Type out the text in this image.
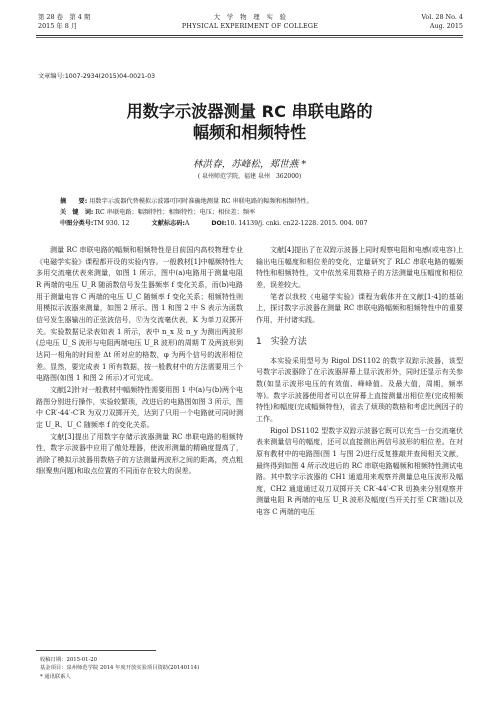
第 28 卷　第 4 期
2015 年 8 月
大　学　物　理　实　验
PHYSICAL EXPERIMENT OF COLLEGE
Vol. 28 No. 4
Aug. 2015
文章编号:1007-2934(2015)04-0021-03
用数字示波器测量 RC 串联电路的
幅频和相频特性
林洪春，苏峰松，郑世燕 *
( 泉州师范学院，福建 泉州　362000)
摘　　要: 用数字示波器代替模拟示波器可同时准确地测量 RC 串联电路的幅频和相频特性。
关　键　词: RC 串联电路；幅频特性；相频特性；电压；相位差；频率
中图分类号:TM 930. 12	文献标志码:A	DOI:10. 14139/j. cnki. cn22-1228. 2015. 004. 007

测量 RC 串联电路的幅频和相频特性是目前国内高校物理专业《电磁学实验》课程都开设的实验内容。一般教材[1]中幅频特性大多用交流毫伏表来测量，如图 1 所示，图中(a)电路用于测量电阻 R 两端的电压 U_R 随函数信号发生器频率 f 变化关系，而(b)电路用于测量电容 C 两端的电压 U_C 随频率 f 变化关系；相频特性则用模拟示波器来测量，如图 2 所示。图 1 和图 2 中 S 表示为函数信号发生器输出的正弦波信号，Ⓥ为交流毫伏表，K 为单刀双掷开关。实验数据记录表如表 1 所示，表中 n_x 及 n_y 为测出两波形(总电压 U_S 波形与电阻两端电压 U_R 波形)的周期 T 及两波形到达同一相角的时间差 Δt 所对应的格数，φ 为两个信号的波形相位差。显然，要完成表 1 所有数据，按一般教材中的方法需要用三个电路图(如图 1 和图 2 所示)才可完成。

文献[2]针对一般教材中幅频特性需要用图 1 中(a)与(b)两个电路图分别进行操作，实验较繁琐，改进后的电路图如图 3 所示，图中 CR′-44′-C′R 为双刀双掷开关，达到了只用一个电路就可同时测定 U_R、U_C 随频率 f 的变化关系。

文献[3]提出了用数字存储示波器测量 RC 串联电路的相频特性，数字示波器中应用了傲处理器，使波形测量的精确度提高了，消除了模拟示波器用数格子的方法测量两波形之间的距离，亮点粗细(聚焦问题)和取点位置的不同而存在较大的误差。

文献[4]提出了在双踪示波器上同时观察电阻和电感(或电容)上输出电压幅度和相位差的变化，定量研究了 RLC 串联电路的幅频特性和相频特性，文中依然采用数格子的方法测量电压幅度和相位差，误差较大。

笔者以我校《电磁学实验》课程为载体并在文献[1-4]的基础上，探讨数字示波器在测量 RC 串联电路幅频和相频特性中的重要作用，并付诸实践。

1　实验方法

本实验采用型号为 Rigol DS1102 的数字双踪示波器，该型号数字示波器除了在示波器屏幕上显示波形外，同时还显示有关参数(如显示波形电压的有效值、峰峰值、及最大值，周期，频率等)。数字示波器使用者可以在屏幕上直接测量出相位差(完成相频特性)和幅度(完成幅频特性)，省去了烦琐的数格和考虑比例因子的工作。

Rigol DS1102 型数字双踪示波器它既可以充当一台交流毫伏表来测量信号的幅度，还可以直接测出两信号波形的相位差。在对原有教材中的电路图(图 1 与图 2)进行反复推敲并查阅相关文献，最终得到如图 4 所示改进后的 RC 串联电路幅频和相频特性测试电路。其中数字示波器的 CH1 通道用来观察并测量总电压波形及幅度，CH2 通道通过双刀双掷开关 CR′-44′-C′R 切换来分别观察并测量电阻 R 两端的电压 U_R 波形及幅度(当开关打至 CR′端)以及电容 C 两端的电压

收稿日期：2015-01-20
基金项目：泉州师范学院 2014 年度开放实验项目资助(20140114)
* 通讯联系人
